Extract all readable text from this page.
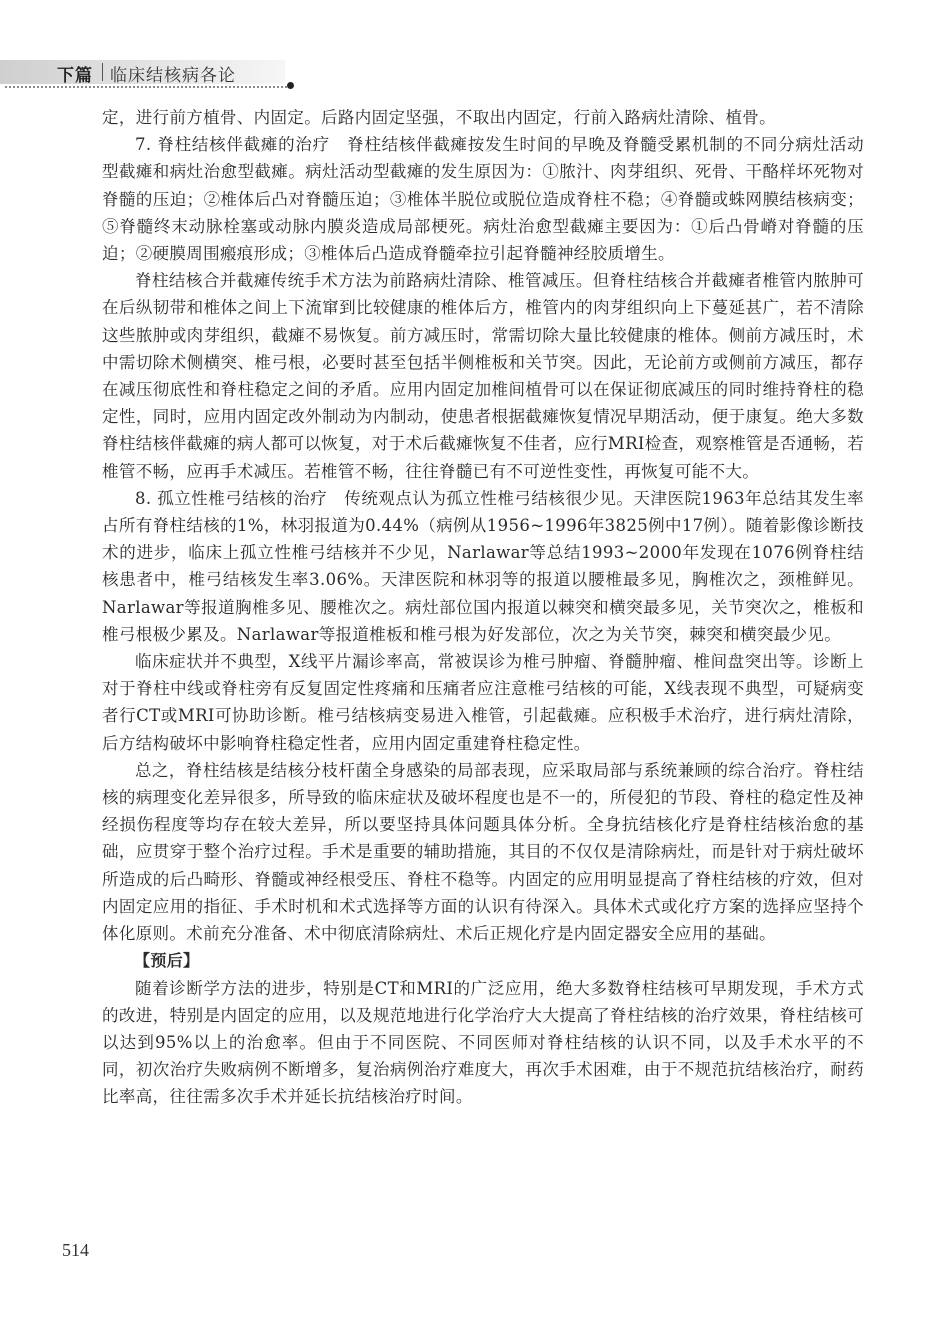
下篇 临床结核病各论

定，进行前方植骨、内固定。后路内固定坚强，不取出内固定，行前入路病灶清除、植骨。

7. 脊柱结核伴截瘫的治疗　脊柱结核伴截瘫按发生时间的早晚及脊髓受累机制的不同分病灶活动型截瘫和病灶治愈型截瘫。病灶活动型截瘫的发生原因为：①脓汁、肉芽组织、死骨、干酪样坏死物对脊髓的压迫；②椎体后凸对脊髓压迫；③椎体半脱位或脱位造成脊柱不稳；④脊髓或蛛网膜结核病变；⑤脊髓终末动脉栓塞或动脉内膜炎造成局部梗死。病灶治愈型截瘫主要因为：①后凸骨嵴对脊髓的压迫；②硬膜周围瘢痕形成；③椎体后凸造成脊髓牵拉引起脊髓神经胶质增生。

脊柱结核合并截瘫传统手术方法为前路病灶清除、椎管减压。但脊柱结核合并截瘫者椎管内脓肿可在后纵韧带和椎体之间上下流窜到比较健康的椎体后方，椎管内的肉芽组织向上下蔓延甚广，若不清除这些脓肿或肉芽组织，截瘫不易恢复。前方减压时，常需切除大量比较健康的椎体。侧前方减压时，术中需切除术侧横突、椎弓根，必要时甚至包括半侧椎板和关节突。因此，无论前方或侧前方减压，都存在减压彻底性和脊柱稳定之间的矛盾。应用内固定加椎间植骨可以在保证彻底减压的同时维持脊柱的稳定性，同时，应用内固定改外制动为内制动，使患者根据截瘫恢复情况早期活动，便于康复。绝大多数脊柱结核伴截瘫的病人都可以恢复，对于术后截瘫恢复不佳者，应行MRI检查，观察椎管是否通畅，若椎管不畅，应再手术减压。若椎管不畅，往往脊髓已有不可逆性变性，再恢复可能不大。

8. 孤立性椎弓结核的治疗　传统观点认为孤立性椎弓结核很少见。天津医院1963年总结其发生率占所有脊柱结核的1%，林羽报道为0.44%（病例从1956~1996年3825例中17例）。随着影像诊断技术的进步，临床上孤立性椎弓结核并不少见，Narlawar等总结1993~2000年发现在1076例脊柱结核患者中，椎弓结核发生率3.06%。天津医院和林羽等的报道以腰椎最多见，胸椎次之，颈椎鲜见。Narlawar等报道胸椎多见、腰椎次之。病灶部位国内报道以棘突和横突最多见，关节突次之，椎板和椎弓根极少累及。Narlawar等报道椎板和椎弓根为好发部位，次之为关节突，棘突和横突最少见。

临床症状并不典型，X线平片漏诊率高，常被误诊为椎弓肿瘤、脊髓肿瘤、椎间盘突出等。诊断上对于脊柱中线或脊柱旁有反复固定性疼痛和压痛者应注意椎弓结核的可能，X线表现不典型，可疑病变者行CT或MRI可协助诊断。椎弓结核病变易进入椎管，引起截瘫。应积极手术治疗，进行病灶清除，后方结构破坏中影响脊柱稳定性者，应用内固定重建脊柱稳定性。

总之，脊柱结核是结核分枝杆菌全身感染的局部表现，应采取局部与系统兼顾的综合治疗。脊柱结核的病理变化差异很多，所导致的临床症状及破坏程度也是不一的，所侵犯的节段、脊柱的稳定性及神经损伤程度等均存在较大差异，所以要坚持具体问题具体分析。全身抗结核化疗是脊柱结核治愈的基础，应贯穿于整个治疗过程。手术是重要的辅助措施，其目的不仅仅是清除病灶，而是针对于病灶破坏所造成的后凸畸形、脊髓或神经根受压、脊柱不稳等。内固定的应用明显提高了脊柱结核的疗效，但对内固定应用的指征、手术时机和术式选择等方面的认识有待深入。具体术式或化疗方案的选择应坚持个体化原则。术前充分准备、术中彻底清除病灶、术后正规化疗是内固定器安全应用的基础。

【预后】

随着诊断学方法的进步，特别是CT和MRI的广泛应用，绝大多数脊柱结核可早期发现，手术方式的改进，特别是内固定的应用，以及规范地进行化学治疗大大提高了脊柱结核的治疗效果，脊柱结核可以达到95%以上的治愈率。但由于不同医院、不同医师对脊柱结核的认识不同，以及手术水平的不同，初次治疗失败病例不断增多，复治病例治疗难度大，再次手术困难，由于不规范抗结核治疗，耐药比率高，往往需多次手术并延长抗结核治疗时间。

514
